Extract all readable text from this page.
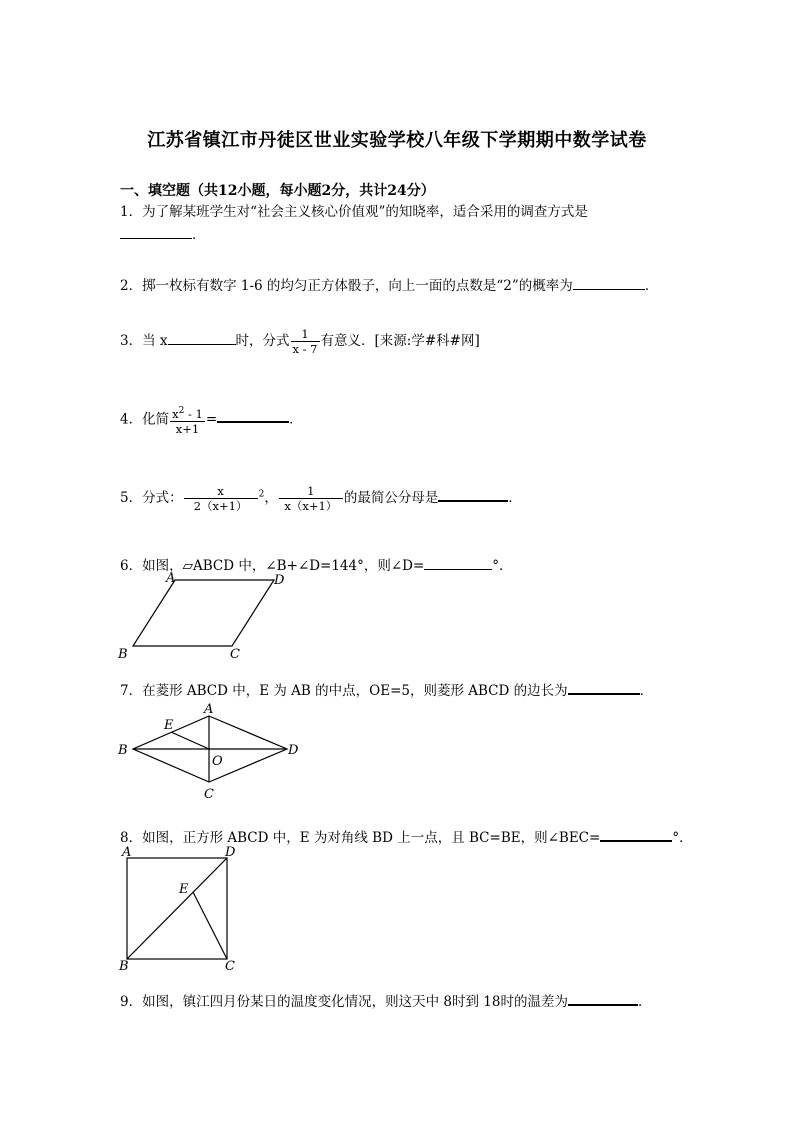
江苏省镇江市丹徒区世业实验学校八年级下学期期中数学试卷
一、填空题（共12小题，每小题2分，共计24分）
1．为了解某班学生对“社会主义核心价值观”的知晓率，适合采用的调查方式是
．
2．掷一枚标有数字 1-6 的均匀正方体骰子，向上一面的点数是“2”的概率为	．
3．当 x	时，分式 $\frac{1}{x - 7}$ 有意义．[来源:学#科#网]
4．化简 $\frac{x^2 - 1}{x+1}$ =	．
5．分式： $\frac{x}{2(x+1)} ^2$， $\frac{1}{x(x+1)}$ 的最简公分母是	．
6．如图，▱ABCD 中，∠B+∠D=144°，则∠D=	°．
A	D
B	C
7．在菱形 ABCD 中，E 为 AB 的中点，OE=5，则菱形 ABCD 的边长为	．
A
B	D
C
E
O
8．如图，正方形 ABCD 中，E 为对角线 BD 上一点，且 BC=BE，则∠BEC=	°．
A	D
B	C
E
9．如图，镇江四月份某日的温度变化情况，则这天中 8时到 18时的温差为	．
